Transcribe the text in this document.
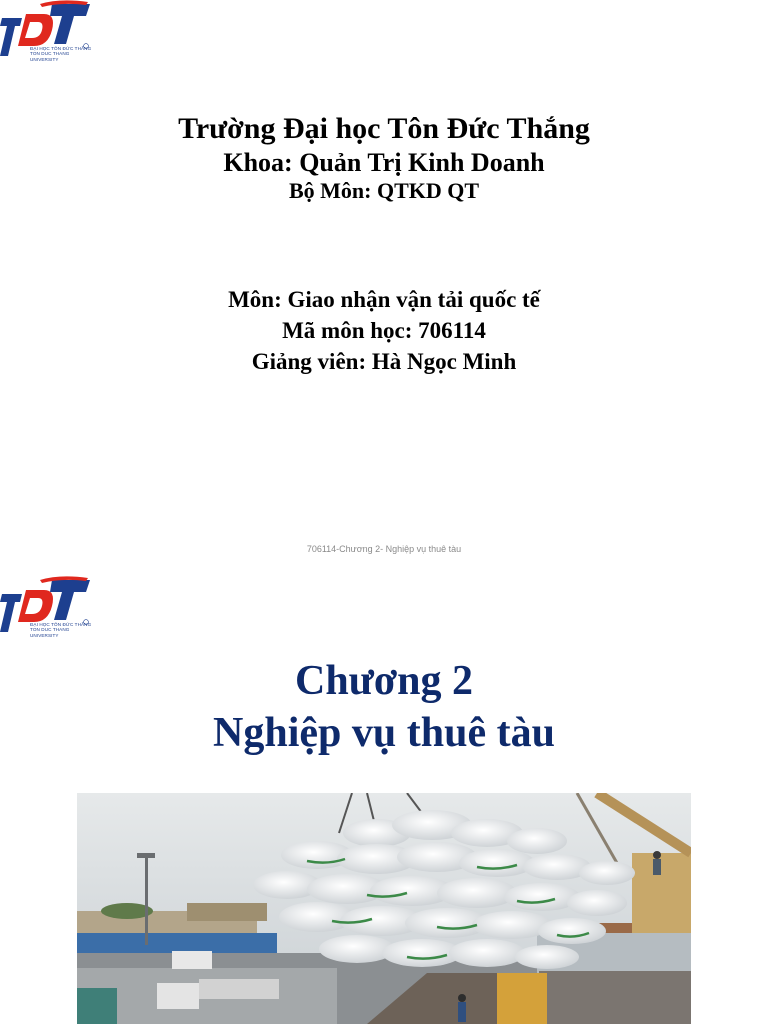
ĐẠI HỌC TÔN ĐỨC THẮNG
TON DUC THANG UNIVERSITY
Trường Đại học Tôn Đức Thắng
Khoa: Quản Trị Kinh Doanh
Bộ Môn: QTKD QT
Môn: Giao nhận vận tải quốc tế
Mã môn học: 706114
Giảng viên: Hà Ngọc Minh
706114-Chương 2- Nghiệp vụ thuê tàu
ĐẠI HỌC TÔN ĐỨC THẮNG
TON DUC THANG UNIVERSITY
Chương 2
Nghiệp vụ thuê tàu
